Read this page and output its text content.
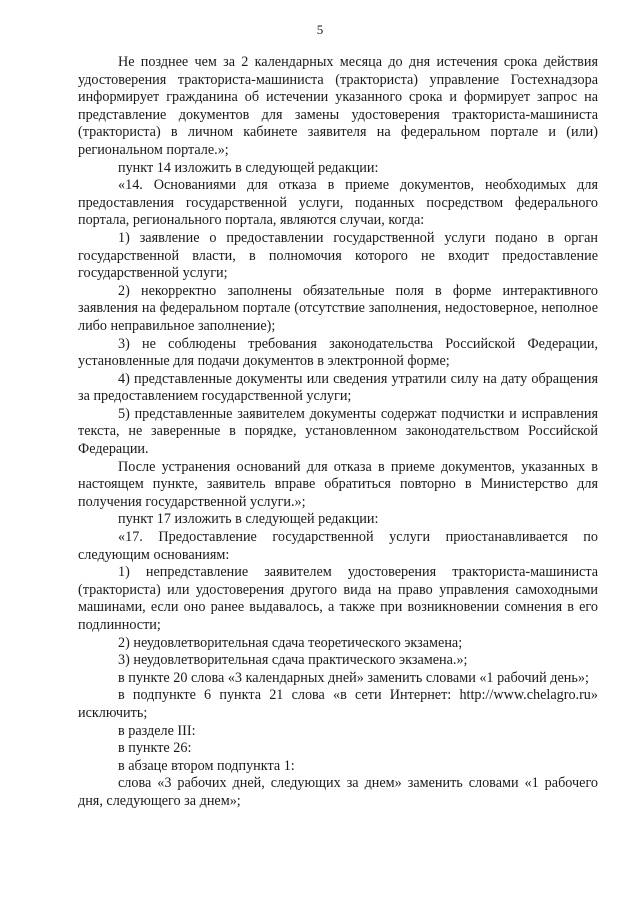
5

Не позднее чем за 2 календарных месяца до дня истечения срока действия удостоверения тракториста-машиниста (тракториста) управление Гостехнадзора информирует гражданина об истечении указанного срока и формирует запрос на представление документов для замены удостоверения тракториста-машиниста (тракториста) в личном кабинете заявителя на федеральном портале и (или) региональном портале.»;

пункт 14 изложить в следующей редакции:

«14. Основаниями для отказа в приеме документов, необходимых для предоставления государственной услуги, поданных посредством федерального портала, регионального портала, являются случаи, когда:

1) заявление о предоставлении государственной услуги подано в орган государственной власти, в полномочия которого не входит предоставление государственной услуги;

2) некорректно заполнены обязательные поля в форме интерактивного заявления на федеральном портале (отсутствие заполнения, недостоверное, неполное либо неправильное заполнение);

3) не соблюдены требования законодательства Российской Федерации, установленные для подачи документов в электронной форме;

4) представленные документы или сведения утратили силу на дату обращения за предоставлением государственной услуги;

5) представленные заявителем документы содержат подчистки и исправления текста, не заверенные в порядке, установленном законодательством Российской Федерации.

После устранения оснований для отказа в приеме документов, указанных в настоящем пункте, заявитель вправе обратиться повторно в Министерство для получения государственной услуги.»;

пункт 17 изложить в следующей редакции:

«17. Предоставление государственной услуги приостанавливается по следующим основаниям:

1) непредставление заявителем удостоверения тракториста-машиниста (тракториста) или удостоверения другого вида на право управления самоходными машинами, если оно ранее выдавалось, а также при возникновении сомнения в его подлинности;

2) неудовлетворительная сдача теоретического экзамена;

3) неудовлетворительная сдача практического экзамена.»;

в пункте 20 слова «3 календарных дней» заменить словами «1 рабочий день»;

в подпункте 6 пункта 21 слова «в сети Интернет: http://www.chelagro.ru» исключить;

в разделе III:

в пункте 26:

в абзаце втором подпункта 1:

слова «3 рабочих дней, следующих за днем» заменить словами «1 рабочего дня, следующего за днем»;
